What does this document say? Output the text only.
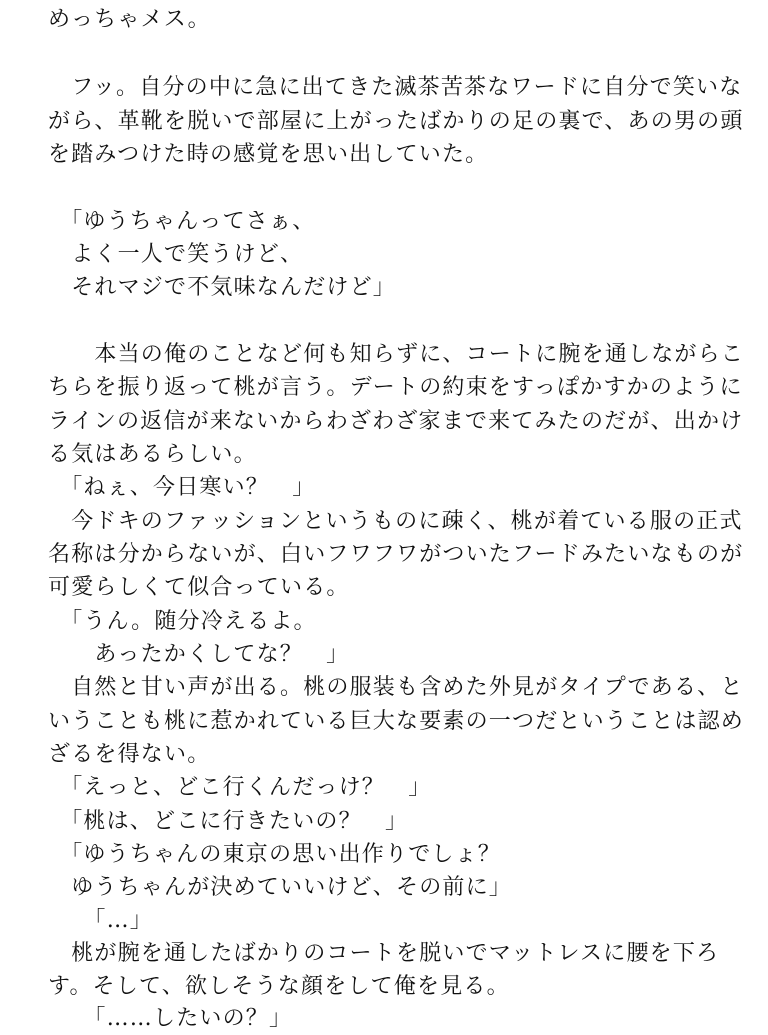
めっちゃメス。
　フッ。自分の中に急に出てきた滅茶苦茶なワードに自分で笑いな
がら、革靴を脱いで部屋に上がったばかりの足の裏で、あの男の頭
を踏みつけた時の感覚を思い出していた。
　「ゆうちゃんってさぁ、
　よく一人で笑うけど、
　それマジで不気味なんだけど」
　　本当の俺のことなど何も知らずに、コートに腕を通しながらこ
ちらを振り返って桃が言う。デートの約束をすっぽかすかのように
ラインの返信が来ないからわざわざ家まで来てみたのだが、出かけ
る気はあるらしい。
　「ねぇ、今日寒い？　」
　今ドキのファッションというものに疎く、桃が着ている服の正式
名称は分からないが、白いフワフワがついたフードみたいなものが
可愛らしくて似合っている。
　「うん。随分冷えるよ。
　　あったかくしてな？　」
　自然と甘い声が出る。桃の服装も含めた外見がタイプである、と
いうことも桃に惹かれている巨大な要素の一つだということは認め
ざるを得ない。
　「えっと、どこ行くんだっけ？　」
　「桃は、どこに行きたいの？　」
　「ゆうちゃんの東京の思い出作りでしょ？
　ゆうちゃんが決めていいけど、その前に」
　　「…」
　桃が腕を通したばかりのコートを脱いでマットレスに腰を下ろ
す。そして、欲しそうな顔をして俺を見る。
　　「……したいの？」
